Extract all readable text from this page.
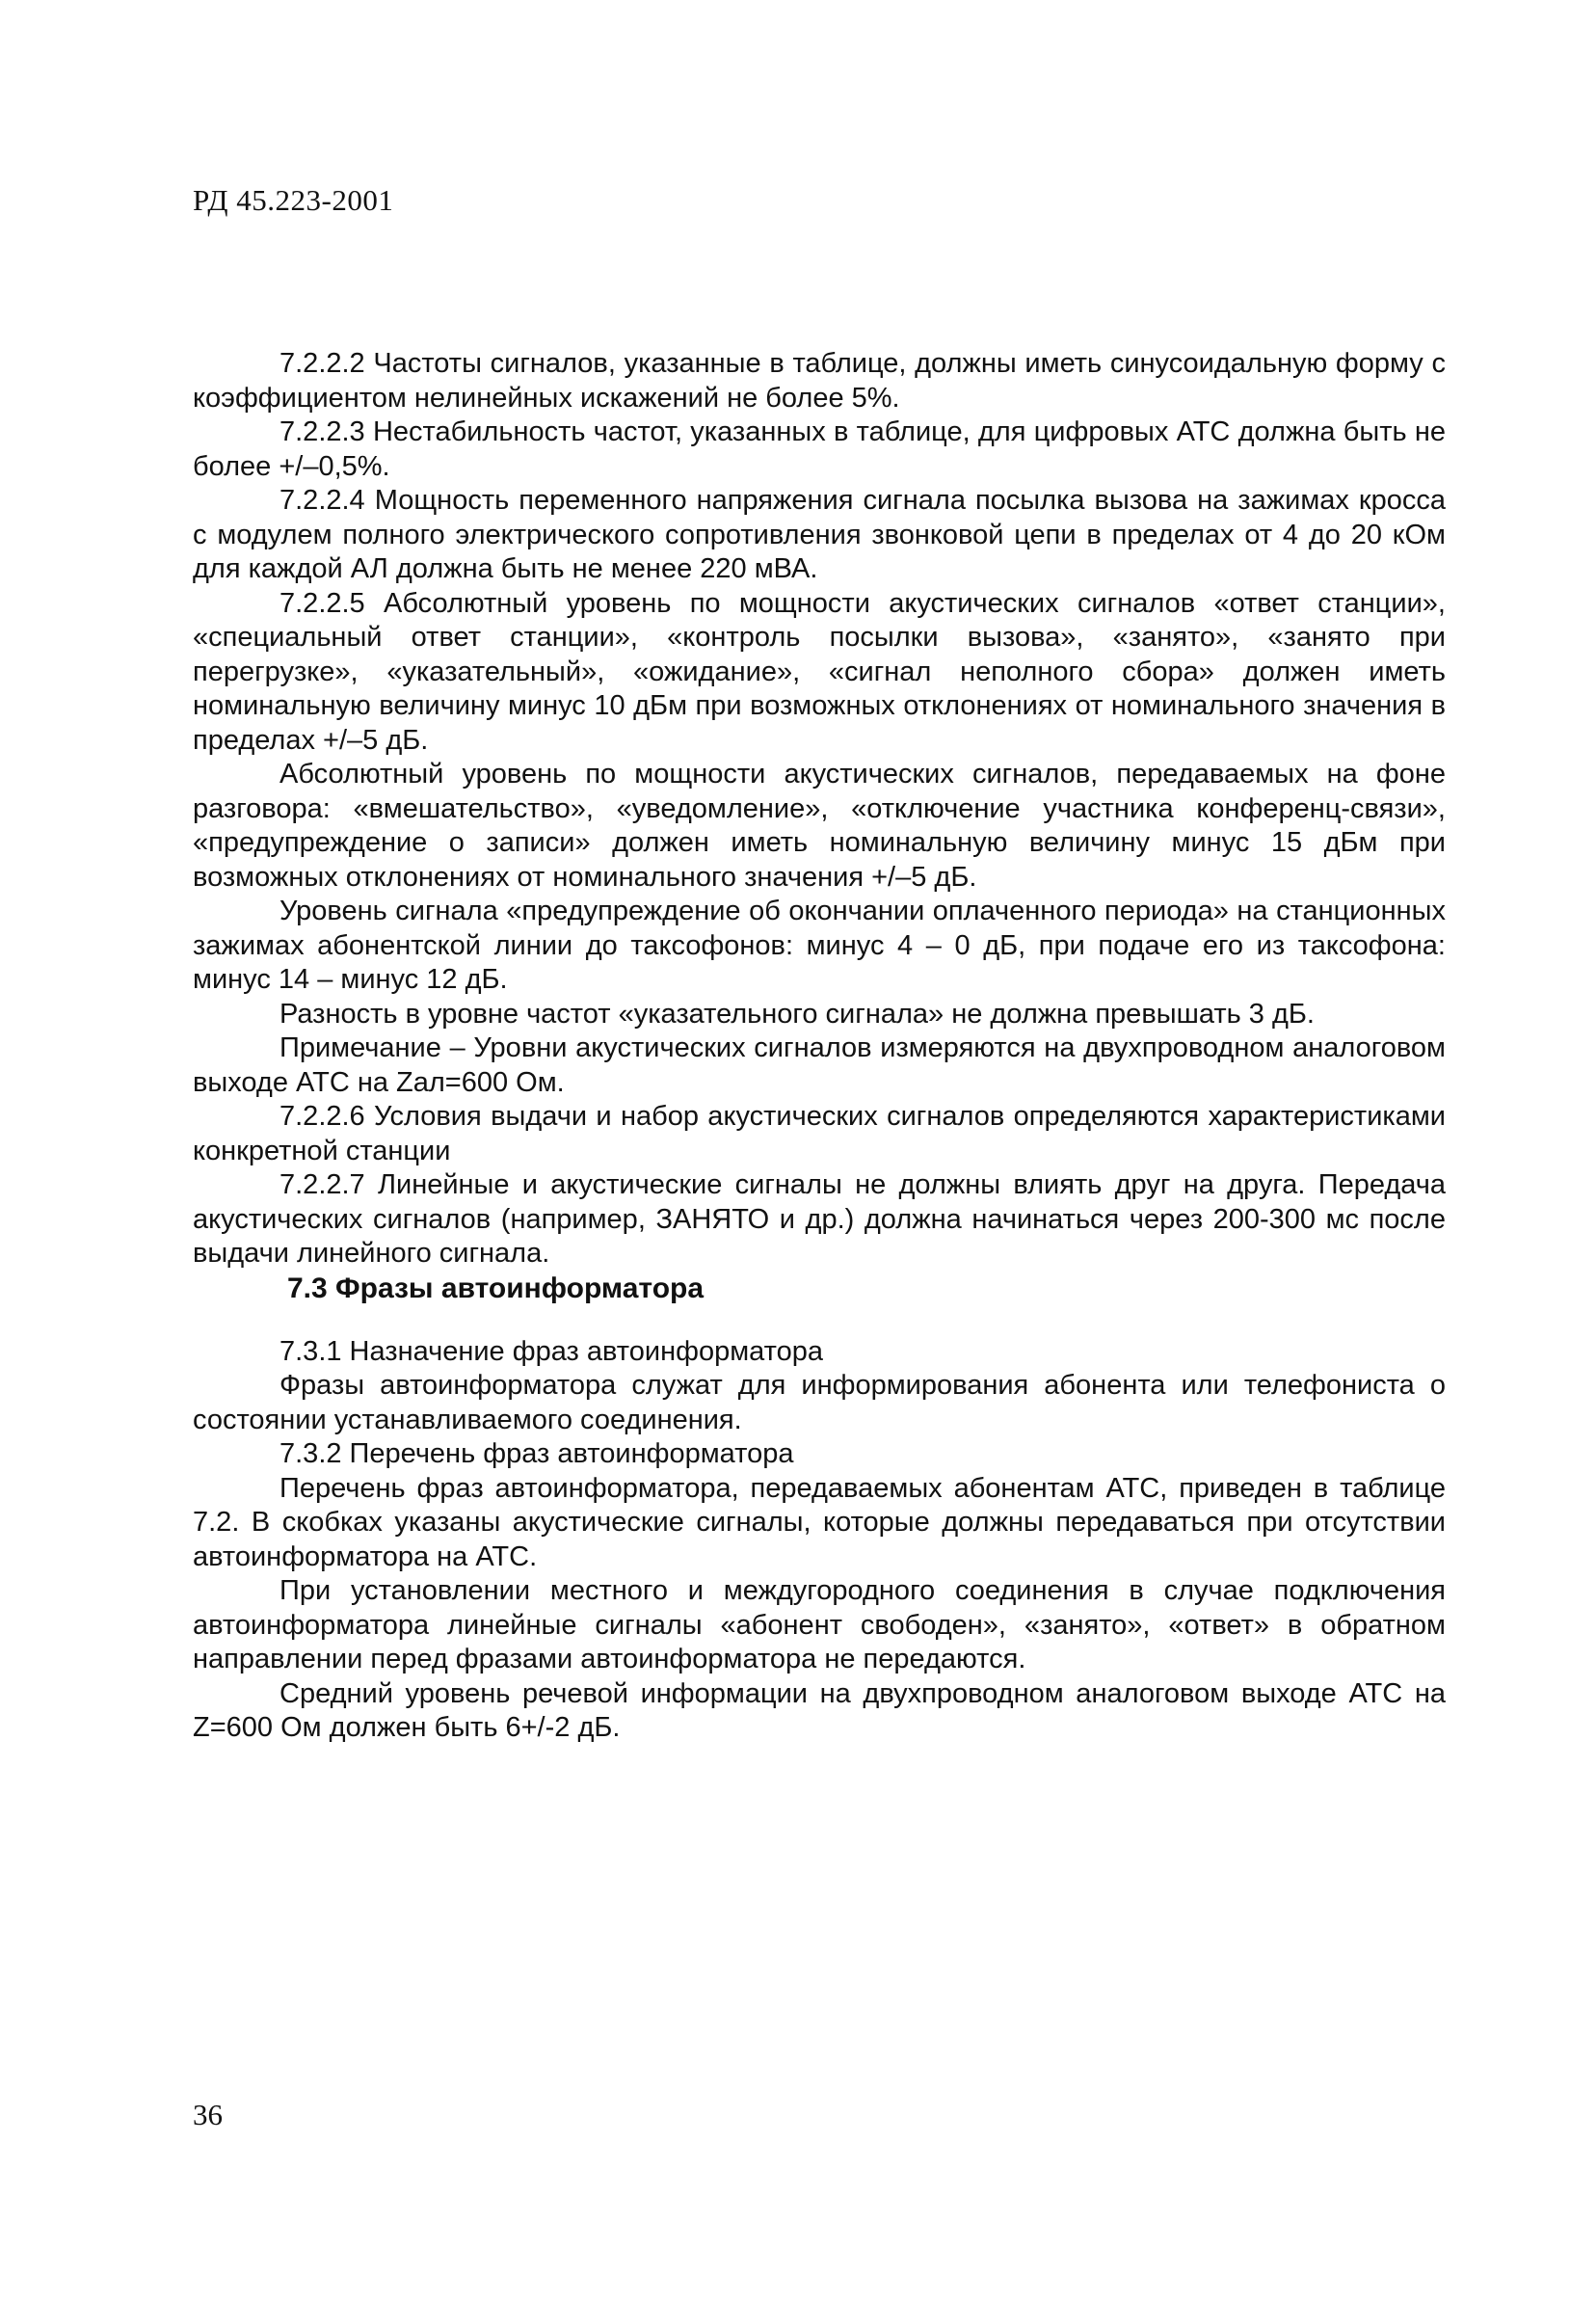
РД 45.223-2001

7.2.2.2 Частоты сигналов, указанные в таблице, должны иметь синусоидальную форму с коэффициентом нелинейных искажений не более 5%.

7.2.2.3 Нестабильность частот, указанных в таблице, для цифровых АТС должна быть не более +/–0,5%.

7.2.2.4 Мощность переменного напряжения сигнала посылка вызова на зажимах кросса с модулем полного электрического сопротивления звонковой цепи в пределах от 4 до 20 кОм для каждой АЛ должна быть не менее 220 мВА.

7.2.2.5 Абсолютный уровень по мощности акустических сигналов «ответ станции», «специальный ответ станции», «контроль посылки вызова», «занято», «занято при перегрузке», «указательный», «ожидание», «сигнал неполного сбора» должен иметь номинальную величину минус 10 дБм при возможных отклонениях от номинального значения в пределах +/–5 дБ.

Абсолютный уровень по мощности акустических сигналов, передаваемых на фоне разговора: «вмешательство», «уведомление», «отключение участника конференц-связи», «предупреждение о записи» должен иметь номинальную величину минус 15 дБм при возможных отклонениях от номинального значения +/–5 дБ.

Уровень сигнала «предупреждение об окончании оплаченного периода» на станционных зажимах абонентской линии до таксофонов: минус 4 – 0 дБ, при подаче его из таксофона: минус 14 – минус 12 дБ.

Разность в уровне частот «указательного сигнала» не должна превышать 3 дБ.

Примечание – Уровни акустических сигналов измеряются на двухпроводном аналоговом выходе АТС на Zал=600 Ом.

7.2.2.6 Условия выдачи и набор акустических сигналов определяются характеристиками конкретной станции

7.2.2.7 Линейные и акустические сигналы не должны влиять друг на друга. Передача акустических сигналов (например, ЗАНЯТО и др.) должна начинаться через 200-300 мс после выдачи линейного сигнала.

7.3 Фразы автоинформатора

7.3.1 Назначение фраз автоинформатора

Фразы автоинформатора служат для информирования абонента или телефониста о состоянии устанавливаемого соединения.

7.3.2 Перечень фраз автоинформатора

Перечень фраз автоинформатора, передаваемых абонентам АТС, приведен в таблице 7.2. В скобках указаны акустические сигналы, которые должны передаваться при отсутствии автоинформатора на АТС.

При установлении местного и междугородного соединения в случае подключения автоинформатора линейные сигналы «абонент свободен», «занято», «ответ» в обратном направлении перед фразами автоинформатора не передаются.

Средний уровень речевой информации на двухпроводном аналоговом выходе АТС на Z=600 Ом должен быть 6+/-2 дБ.

36
